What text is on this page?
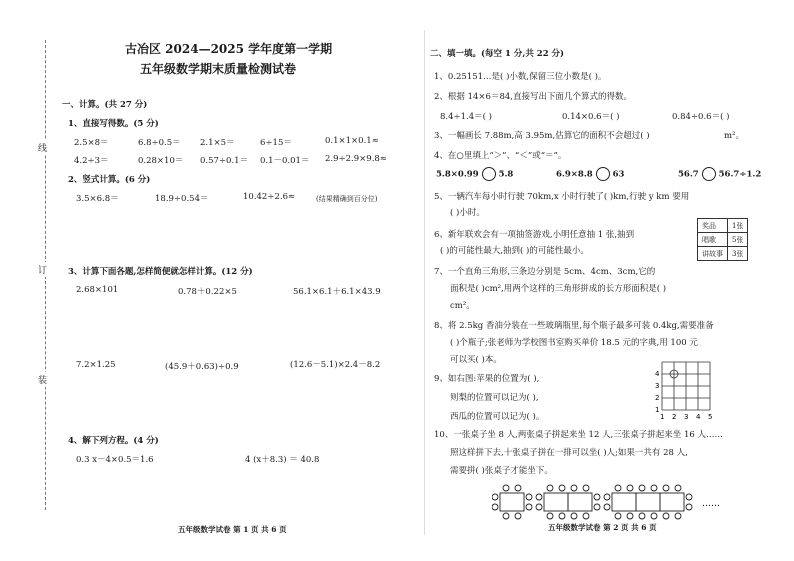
线
订
装
古冶区 2024—2025 学年度第一学期
五年级数学期末质量检测试卷
一、计算。(共 27 分)
1、直接写得数。(5 分)
2.5×8＝	6.8÷0.5＝ 2.1×5＝	6÷15＝	0.1×1×0.1≈
4.2÷3＝	0.28×10＝ 0.57÷0.1＝ 0.1－0.01＝ 2.9÷2.9×9.8≈
2、竖式计算。(6 分)
3.5×6.8＝	18.9÷0.54＝	10.42÷2.6≈	(结果精确到百分位)
3、计算下面各题,怎样简便就怎样计算。(12 分)
2.68×101	0.78＋0.22×5	56.1×6.1＋6.1×43.9
7.2×1.25	(45.9＋0.63)÷0.9	(12.6－5.1)×2.4－8.2
4、解下列方程。(4 分)
0.3 x－4×0.5＝1.6	4 (x＋8.3) ＝ 40.8
五年级数学试卷 第 1 页 共 6 页
二、填一填。(每空 1 分,共 22 分)
1、0.25151…是( )小数,保留三位小数是( )。
2、根据 14×6＝84,直接写出下面几个算式的得数。
8.4÷1.4＝( )	0.14×0.6＝( )	0.84÷0.6＝( )
3、一幅画长 7.88m,高 3.95m,估算它的面积不会超过( )	m²。
4、在○里填上“＞”、“＜”或“＝”。
5.8×0.99 5.8	6.9×8.8 63	56.7 56.7÷1.2
5、一辆汽车每小时行驶 70km,x 小时行驶了( )km,行驶 y km 要用
( )小时。
6、新年联欢会有一项抽签游戏,小明任意抽 1 张,抽到
( )的可能性最大,抽到( )的可能性最小。
奖品	1张
唱歌	5张
讲故事	3张
7、一个直角三角形,三条边分别是 5cm、4cm、3cm,它的
面积是( )cm²,用两个这样的三角形拼成的长方形面积是( )
cm²。
8、将 2.5kg 香油分装在一些玻璃瓶里,每个瓶子最多可装 0.4kg,需要准备
( )个瓶子;张老师为学校图书室购买单价 18.5 元的字典,用 100 元
可以买( )本。
9、如右图:苹果的位置为( ),
则梨的位置可以记为( ),
西瓜的位置可以记为( )。
4
3
2
1
1 2 3 4 5
10、一张桌子坐 8 人,两张桌子拼起来坐 12 人,三张桌子拼起来坐 16 人……
照这样拼下去,十张桌子拼在一排可以坐( )人;如果一共有 28 人,
需要拼( )张桌子才能坐下。
……
五年级数学试卷 第 2 页 共 6 页
